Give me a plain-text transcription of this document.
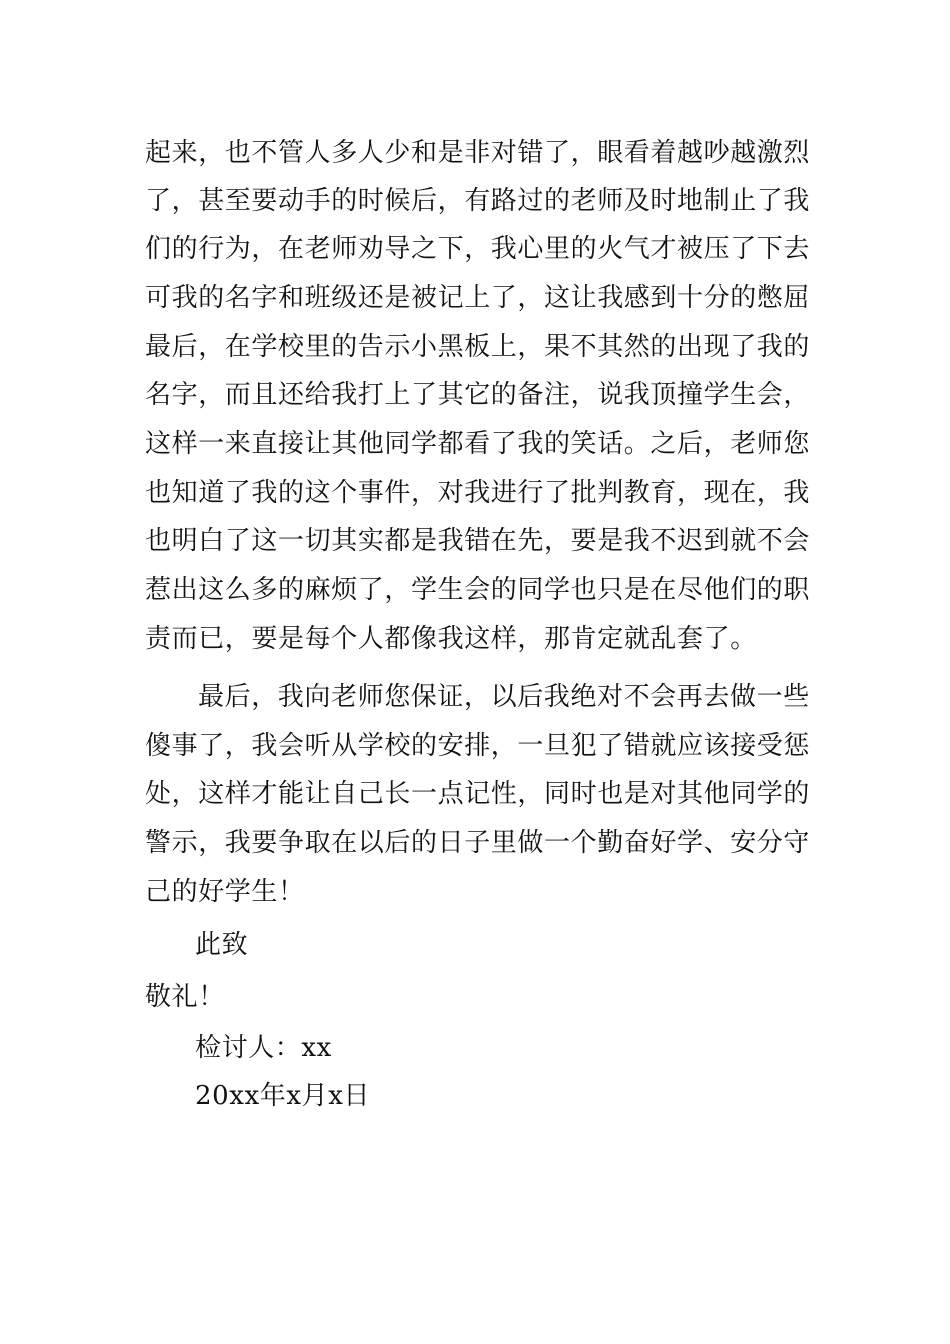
起来，也不管人多人少和是非对错了，眼看着越吵越激烈
了，甚至要动手的时候后，有路过的老师及时地制止了我
们的行为，在老师劝导之下，我心里的火气才被压了下去
可我的名字和班级还是被记上了，这让我感到十分的憋屈
最后，在学校里的告示小黑板上，果不其然的出现了我的
名字，而且还给我打上了其它的备注，说我顶撞学生会，
这样一来直接让其他同学都看了我的笑话。之后，老师您
也知道了我的这个事件，对我进行了批判教育，现在，我
也明白了这一切其实都是我错在先，要是我不迟到就不会
惹出这么多的麻烦了，学生会的同学也只是在尽他们的职
责而已，要是每个人都像我这样，那肯定就乱套了。
最后，我向老师您保证，以后我绝对不会再去做一些
傻事了，我会听从学校的安排，一旦犯了错就应该接受惩
处，这样才能让自己长一点记性，同时也是对其他同学的
警示，我要争取在以后的日子里做一个勤奋好学、安分守
己的好学生！
此致
敬礼！
检讨人：xx
20xx年x月x日
